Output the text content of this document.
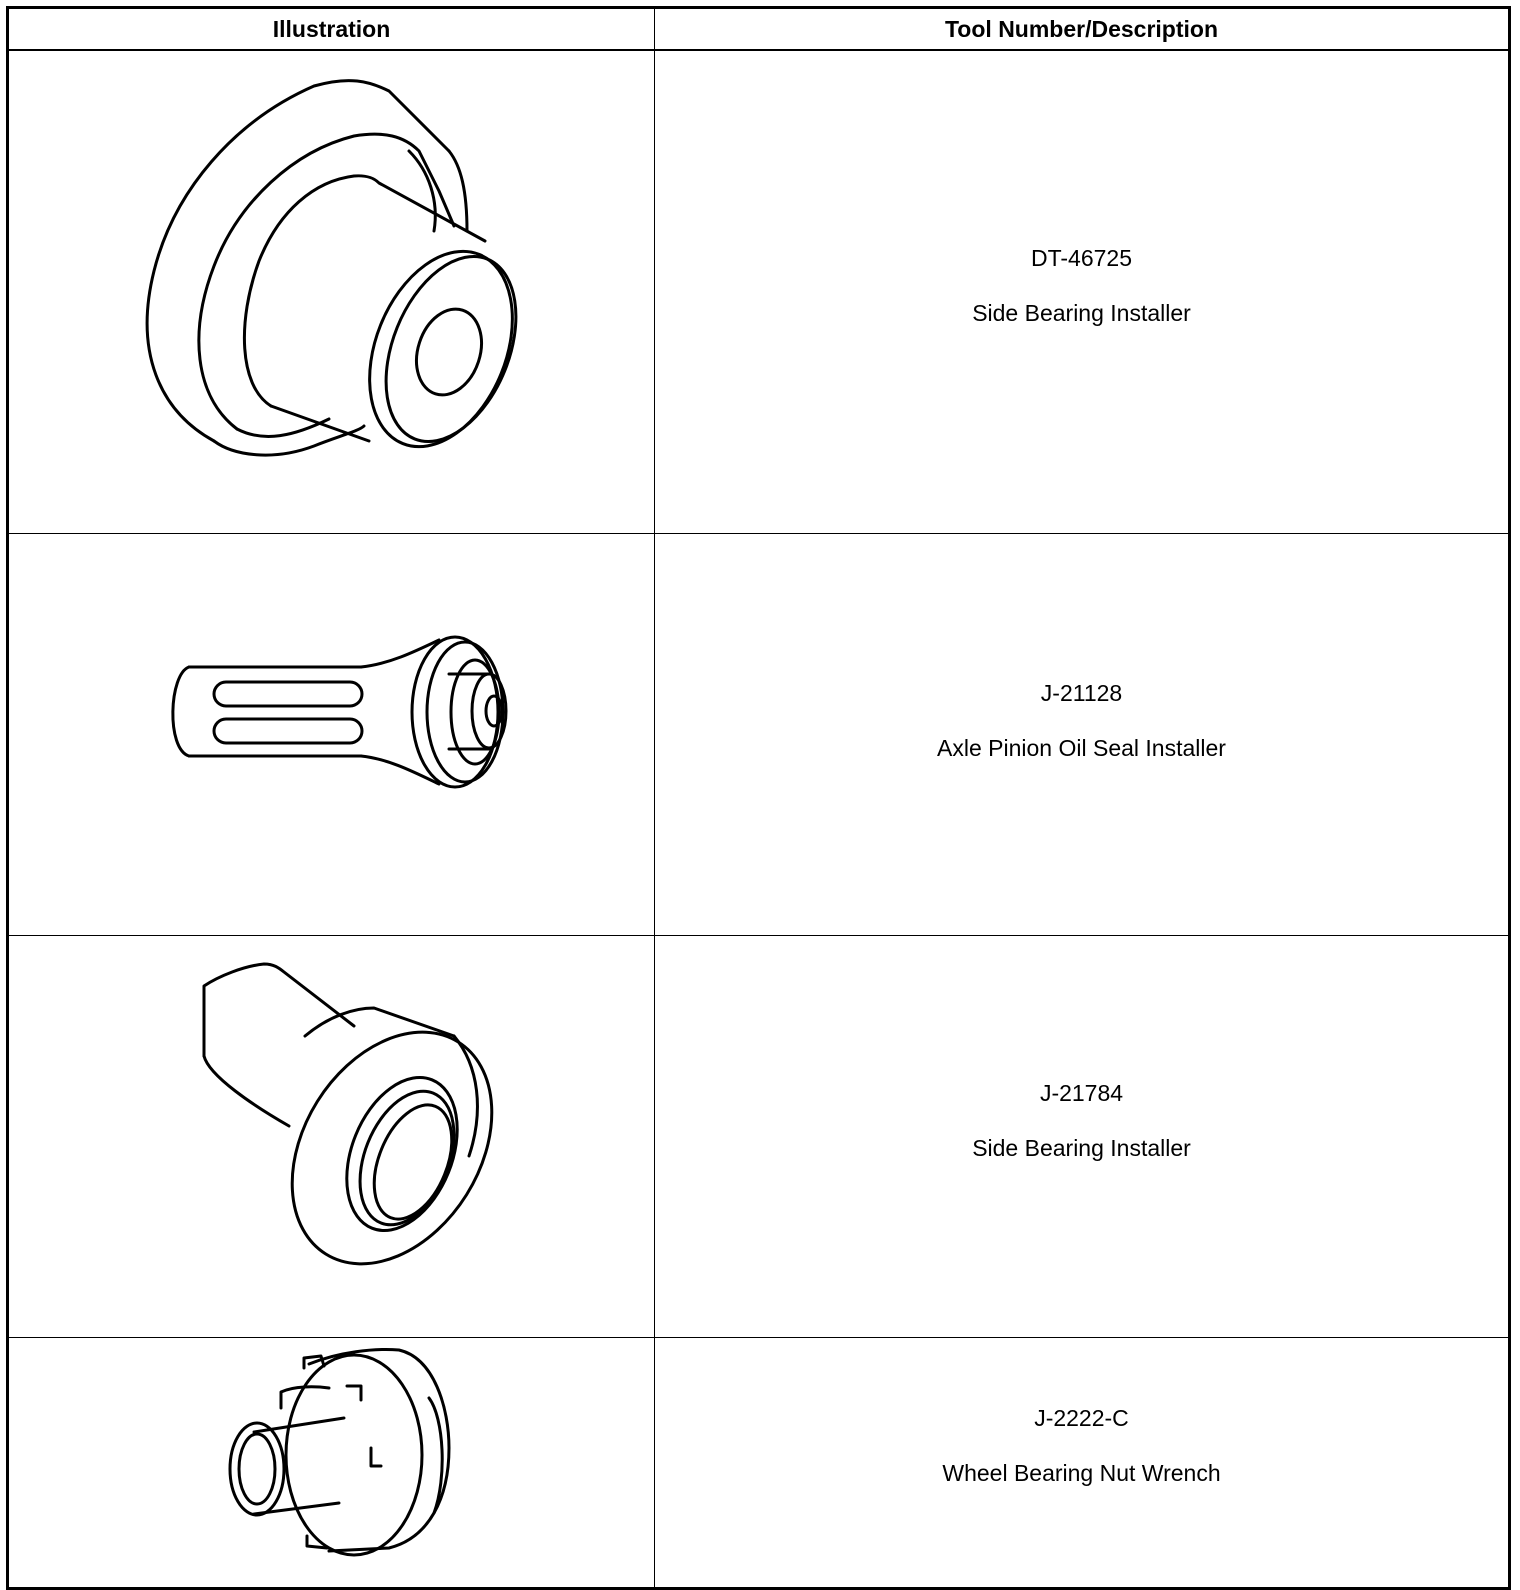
Illustration	Tool Number/Description
DT-46725
Side Bearing Installer
J-21128
Axle Pinion Oil Seal Installer
J-21784
Side Bearing Installer
J-2222-C
Wheel Bearing Nut Wrench
